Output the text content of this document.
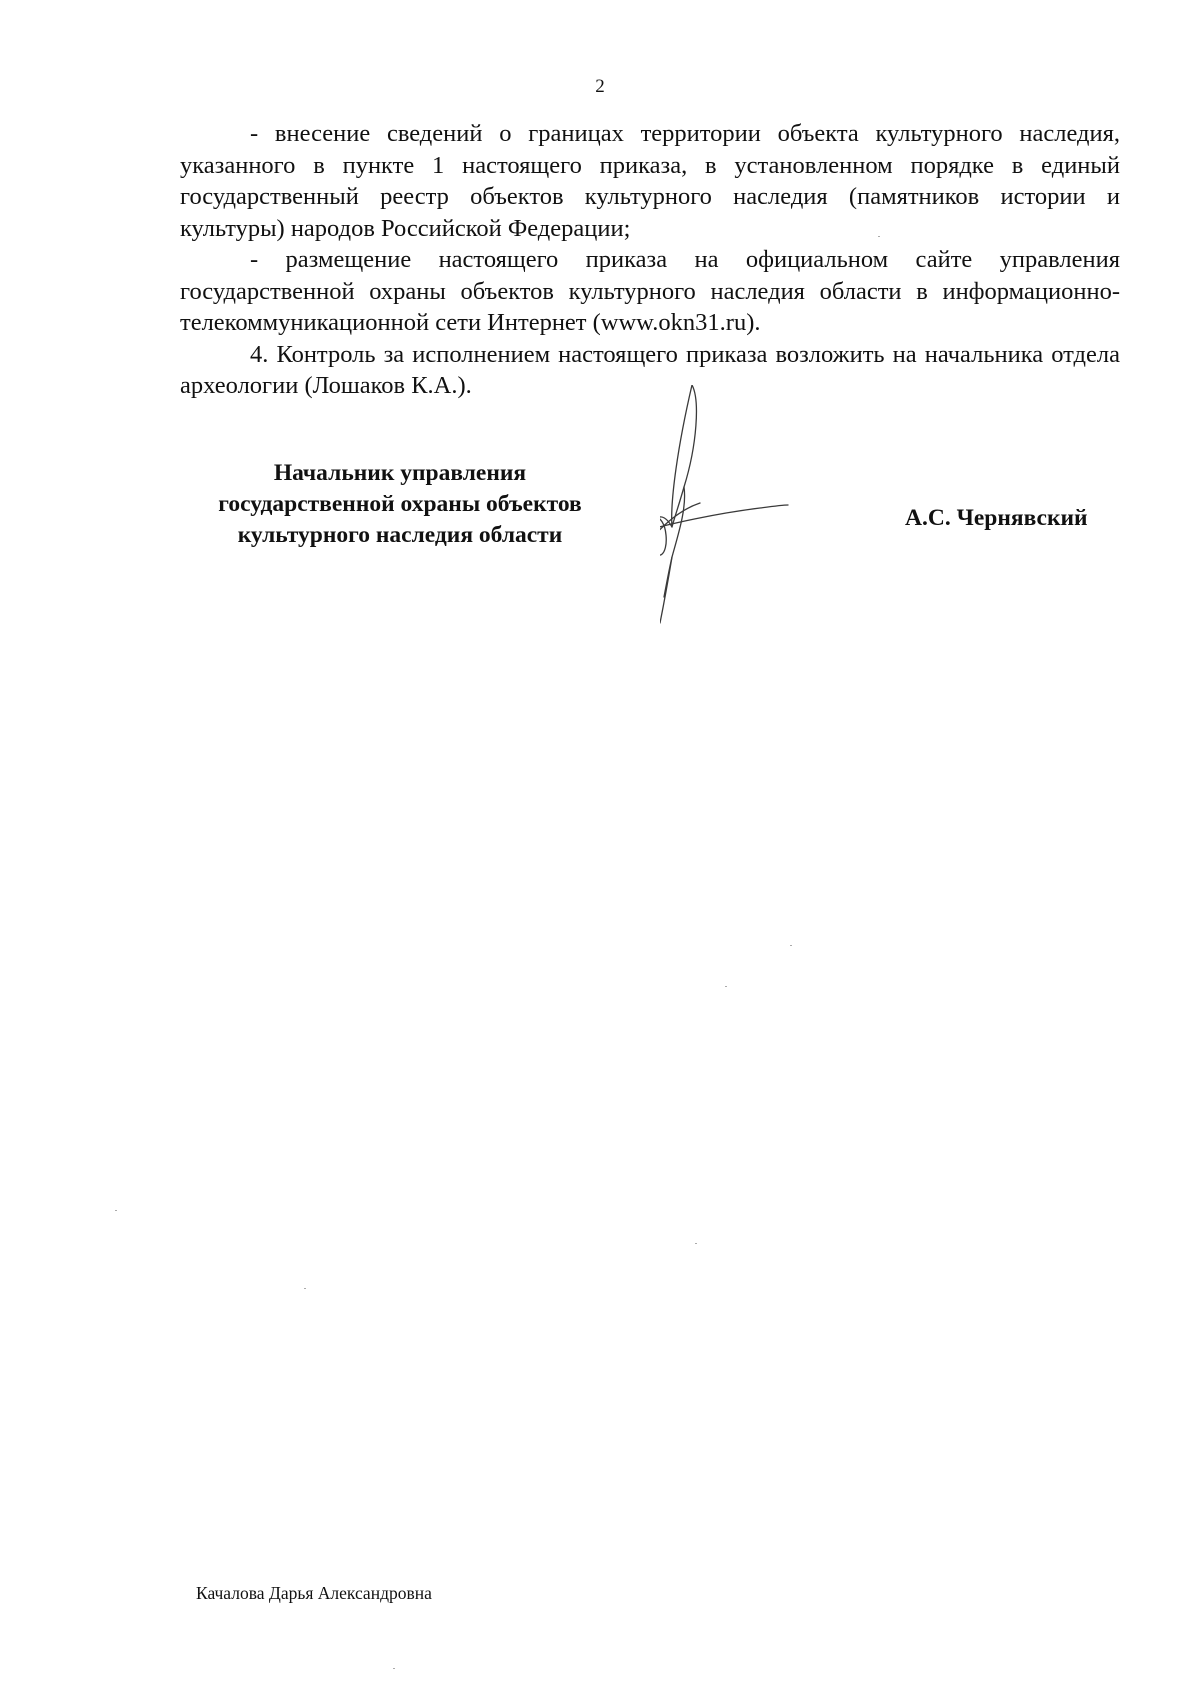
2

- внесение сведений о границах территории объекта культурного наследия, указанного в пункте 1 настоящего приказа, в установленном порядке в единый государственный реестр объектов культурного наследия (памятников истории и культуры) народов Российской Федерации;

- размещение настоящего приказа на официальном сайте управления государственной охраны объектов культурного наследия области в информационно-телекоммуникационной сети Интернет (www.okn31.ru).

4. Контроль за исполнением настоящего приказа возложить на начальника отдела археологии (Лошаков К.А.).

Начальник управления
государственной охраны объектов
культурного наследия области
А.С. Чернявский
Качалова Дарья Александровна
